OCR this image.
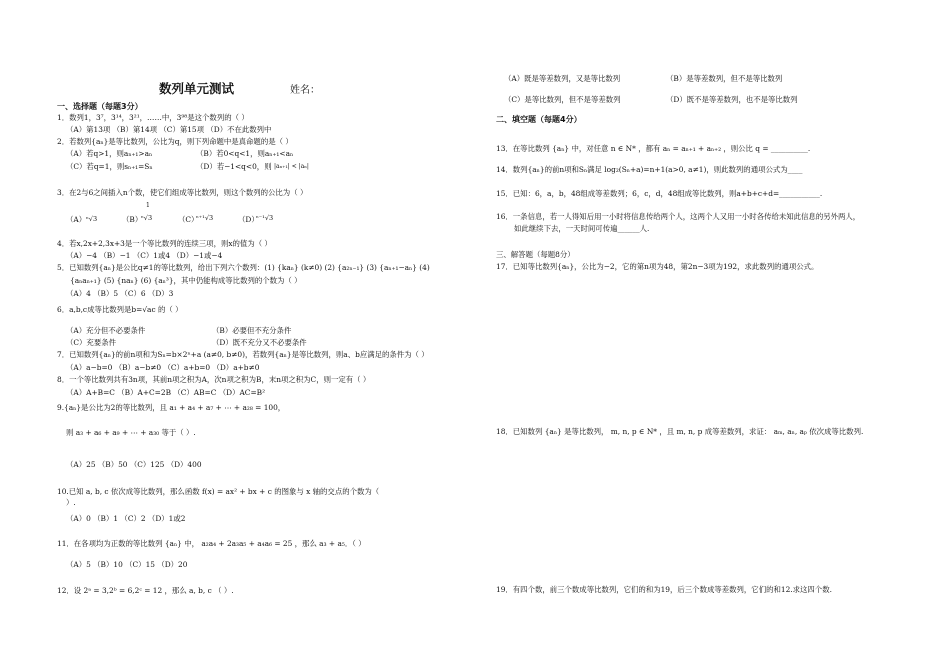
数列单元测试	姓名：
一、选择题（每题3分）
1．数列1，3⁷，3¹⁴，3²¹，……中，3⁹⁸是这个数列的（ ）
（A）第13项 （B）第14项 （C）第15项 （D）不在此数列中
2．若数列{aₙ}是等比数列，公比为q，则下列命题中是真命题的是（ ）
（A）若q>1，则aₙ₊₁>aₙ	（B）若0<q<1，则aₙ₊₁<aₙ
（C）若q=1，则sₙ₊₁=Sₙ	（D）若−1<q<0，则 |aₙ₊₁| < |aₙ|
3．在2与6之间插入n个数，使它们组成等比数列，则这个数列的公比为（ ）
（A） ⁿ√3	（B）
1
ⁿ√3	（C）
ⁿ⁺¹√3	（D）
ⁿ⁻¹√3
4．若x,2x+2,3x+3是一个等比数列的连续三项，则x的值为（ ）
（A）−4 （B）−1 （C）1或4 （D）−1或−4
5．已知数列{aₙ}是公比q≠1的等比数列，给出下列六个数列：(1) {kaₙ} (k≠0) (2) {a₂ₙ₋₁} (3) {aₙ₊₁−aₙ} (4)
{aₙaₙ₊₁} (5) {naₙ} (6) {aₙ³}，其中仍能构成等比数列的个数为（ ）
（A）4 （B）5 （C）6 （D）3
6．a,b,c成等比数列是b=√ac 的（ ）
（A）充分但不必要条件	（B）必要但不充分条件
（C）充要条件	（D）既不充分又不必要条件
7．已知数列{aₙ}的前n项和为Sₙ=b×2ⁿ+a (a≠0, b≠0)，若数列{aₙ}是等比数列，则a、b应满足的条件为（ ）
（A）a−b=0 （B）a−b≠0 （C）a+b=0 （D）a+b≠0
8．一个等比数列共有3n项，其前n项之积为A，次n项之积为B，末n项之积为C，则一定有（ ）
（A）A+B=C （B）A+C=2B （C）AB=C （D）AC=B²
9.{aₙ}是公比为2的等比数列，且 a₁ + a₄ + a₇ + ⋯ + a₂₈ = 100，
则 a₃ + a₆ + a₉ + ⋯ + a₃₀ 等于（ ）.
（A）25 （B）50 （C）125 （D）400
10.已知 a, b, c 依次成等比数列，那么函数 f(x) = ax² + bx + c 的图象与 x 轴的交点的个数为（
）.
（A）0 （B）1 （C）2 （D）1或2
11．在各项均为正数的等比数列 {aₙ} 中， a₂a₄ + 2a₃a₅ + a₄a₆ = 25 ，那么 a₃ + a₅．（ ）
（A）5 （B）10 （C）15 （D）20
12．设 2ᵃ = 3,2ᵇ = 6,2ᶜ = 12 ，那么 a, b, c （ ）.
（A）既是等差数列，又是等比数列	（B）是等差数列，但不是等比数列
（C）是等比数列，但不是等差数列	（D）既不是等差数列，也不是等比数列
二、填空题（每题4分）
13．在等比数列 {aₙ} 中，对任意 n ∈ N* ，都有 aₙ = aₙ₊₁ + aₙ₊₂ ，则公比 q = __________.
14．数列{aₙ}的前n项和Sₙ满足 log₂(Sₙ+a)=n+1(a>0, a≠1)，则此数列的通项公式为____
15．已知：6，a，b，48组成等差数列；6，c，d，48组成等比数列，则a+b+c+d=___________.
16．一条信息，若一人得知后用一小时将信息传给两个人，这两个人又用一小时各传给未知此信息的另外两人，
如此继续下去，一天时间可传遍______人.
三、解答题（每题8分）
17．已知等比数列{aₙ}，公比为−2，它的第n项为48，第2n−3项为192，求此数列的通项公式。
18．已知数列 {aₙ} 是等比数列， m, n, p ∈ N* ，且 m, n, p 成等差数列，求证： aₘ, aₙ, aₚ 依次成等比数列.
19．有四个数，前三个数成等比数列，它们的和为19，后三个数成等差数列，它们的和12.求这四个数.
